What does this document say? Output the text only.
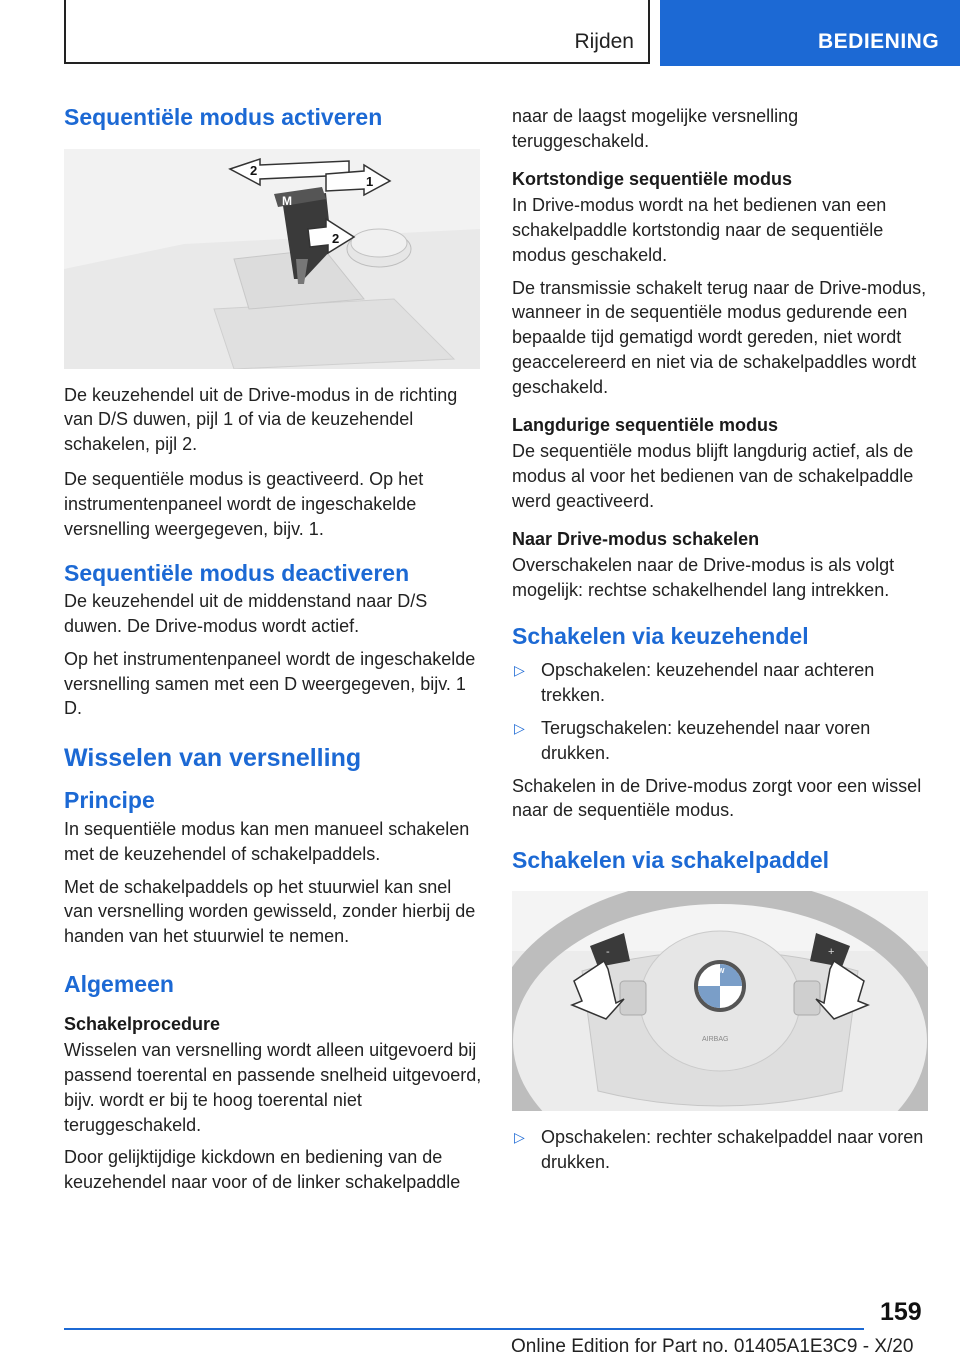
Rijden	BEDIENING
Sequentiële modus activeren
M
2
1
2

De keuzehendel uit de Drive-modus in de richting van D/S duwen, pijl 1 of via de keuzehendel schakelen, pijl 2.

De sequentiële modus is geactiveerd. Op het instrumentenpaneel wordt de ingeschakelde versnelling weergegeven, bijv. 1.

Sequentiële modus deactiveren

De keuzehendel uit de middenstand naar D/S duwen. De Drive-modus wordt actief.

Op het instrumentenpaneel wordt de ingeschakelde versnelling samen met een D weergegeven, bijv. 1 D.

Wisselen van versnelling
Principe

In sequentiële modus kan men manueel schakelen met de keuzehendel of schakelpaddels.

Met de schakelpaddels op het stuurwiel kan snel van versnelling worden gewisseld, zonder hierbij de handen van het stuurwiel te nemen.

Algemeen
Schakelprocedure

Wisselen van versnelling wordt alleen uitgevoerd bij passend toerental en passende snelheid uitgevoerd, bijv. wordt er bij te hoog toerental niet teruggeschakeld.

Door gelijktijdige kickdown en bediening van de keuzehendel naar voor of de linker schakelpaddle

naar de laagst mogelijke versnelling teruggeschakeld.

Kortstondige sequentiële modus

In Drive-modus wordt na het bedienen van een schakelpaddle kortstondig naar de sequentiële modus geschakeld.

De transmissie schakelt terug naar de Drive-modus, wanneer in de sequentiële modus gedurende een bepaalde tijd gematigd wordt gereden, niet wordt geaccelereerd en niet via de schakelpaddles wordt geschakeld.

Langdurige sequentiële modus

De sequentiële modus blijft langdurig actief, als de modus al voor het bedienen van de schakelpaddle werd geactiveerd.

Naar Drive-modus schakelen

Overschakelen naar de Drive-modus is als volgt mogelijk: rechtse schakelhendel lang intrekken.

Schakelen via keuzehendel
▷ Opschakelen: keuzehendel naar achteren trekken.
▷ Terugschakelen: keuzehendel naar voren drukken.

Schakelen in de Drive-modus zorgt voor een wissel naar de sequentiële modus.

Schakelen via schakelpaddel
BMW
AIRBAG
-	+
▷ Opschakelen: rechter schakelpaddel naar voren drukken.
159
Online Edition for Part no. 01405A1E3C9 - X/20
